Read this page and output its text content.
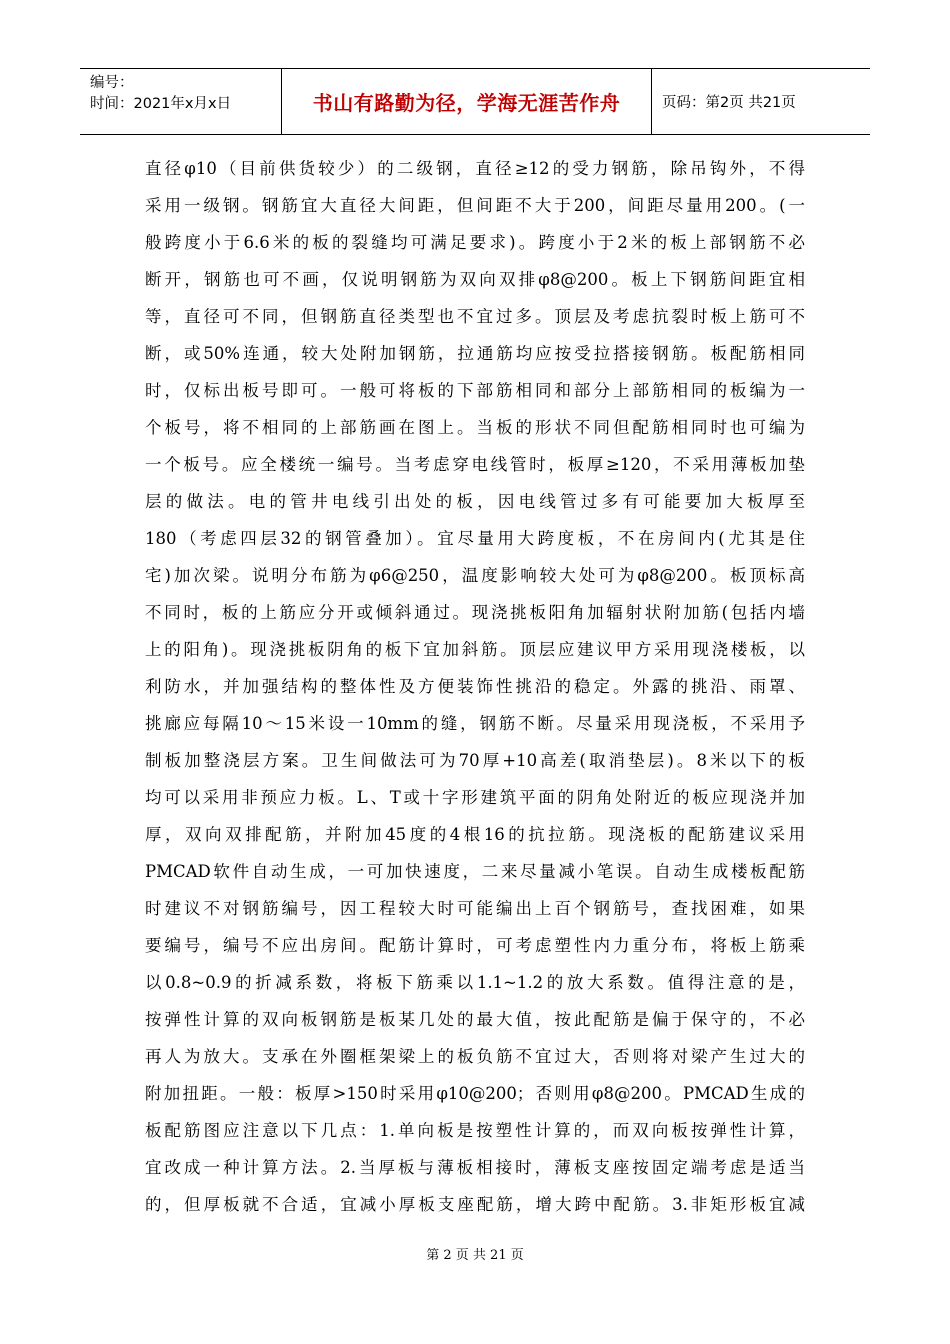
编号：
时间：2021年x月x日	书山有路勤为径，学海无涯苦作舟	页码：第2页 共21页
直径φ10（目前供货较少）的二级钢，直径≥12的受力钢筋，除吊钩外，不得
采用一级钢。钢筋宜大直径大间距，但间距不大于200，间距尽量用200。(一
般跨度小于6.6米的板的裂缝均可满足要求)。跨度小于2米的板上部钢筋不必
断开，钢筋也可不画，仅说明钢筋为双向双排φ8@200。板上下钢筋间距宜相
等，直径可不同，但钢筋直径类型也不宜过多。顶层及考虑抗裂时板上筋可不
断，或50%连通，较大处附加钢筋，拉通筋均应按受拉搭接钢筋。板配筋相同
时，仅标出板号即可。一般可将板的下部筋相同和部分上部筋相同的板编为一
个板号，将不相同的上部筋画在图上。当板的形状不同但配筋相同时也可编为
一个板号。应全楼统一编号。当考虑穿电线管时，板厚≥120，不采用薄板加垫
层的做法。电的管井电线引出处的板，因电线管过多有可能要加大板厚至
180（考虑四层32的钢管叠加）。宜尽量用大跨度板，不在房间内(尤其是住
宅)加次梁。说明分布筋为φ6@250，温度影响较大处可为φ8@200。板顶标高
不同时，板的上筋应分开或倾斜通过。现浇挑板阳角加辐射状附加筋(包括内墙
上的阳角)。现浇挑板阴角的板下宜加斜筋。顶层应建议甲方采用现浇楼板，以
利防水，并加强结构的整体性及方便装饰性挑沿的稳定。外露的挑沿、雨罩、
挑廊应每隔10～15米设一10mm的缝，钢筋不断。尽量采用现浇板，不采用予
制板加整浇层方案。卫生间做法可为70厚+10高差(取消垫层)。8米以下的板
均可以采用非预应力板。L、T或十字形建筑平面的阴角处附近的板应现浇并加
厚，双向双排配筋，并附加45度的4根16的抗拉筋。现浇板的配筋建议采用
PMCAD软件自动生成，一可加快速度，二来尽量减小笔误。自动生成楼板配筋
时建议不对钢筋编号，因工程较大时可能编出上百个钢筋号，查找困难，如果
要编号，编号不应出房间。配筋计算时，可考虑塑性内力重分布，将板上筋乘
以0.8~0.9的折减系数，将板下筋乘以1.1~1.2的放大系数。值得注意的是，
按弹性计算的双向板钢筋是板某几处的最大值，按此配筋是偏于保守的，不必
再人为放大。支承在外圈框架梁上的板负筋不宜过大，否则将对梁产生过大的
附加扭距。一般：板厚>150时采用φ10@200；否则用φ8@200。PMCAD生成的
板配筋图应注意以下几点：1.单向板是按塑性计算的，而双向板按弹性计算，
宜改成一种计算方法。2.当厚板与薄板相接时，薄板支座按固定端考虑是适当
的，但厚板就不合适，宜减小厚板支座配筋，增大跨中配筋。3.非矩形板宜减
第 2 页 共 21 页
